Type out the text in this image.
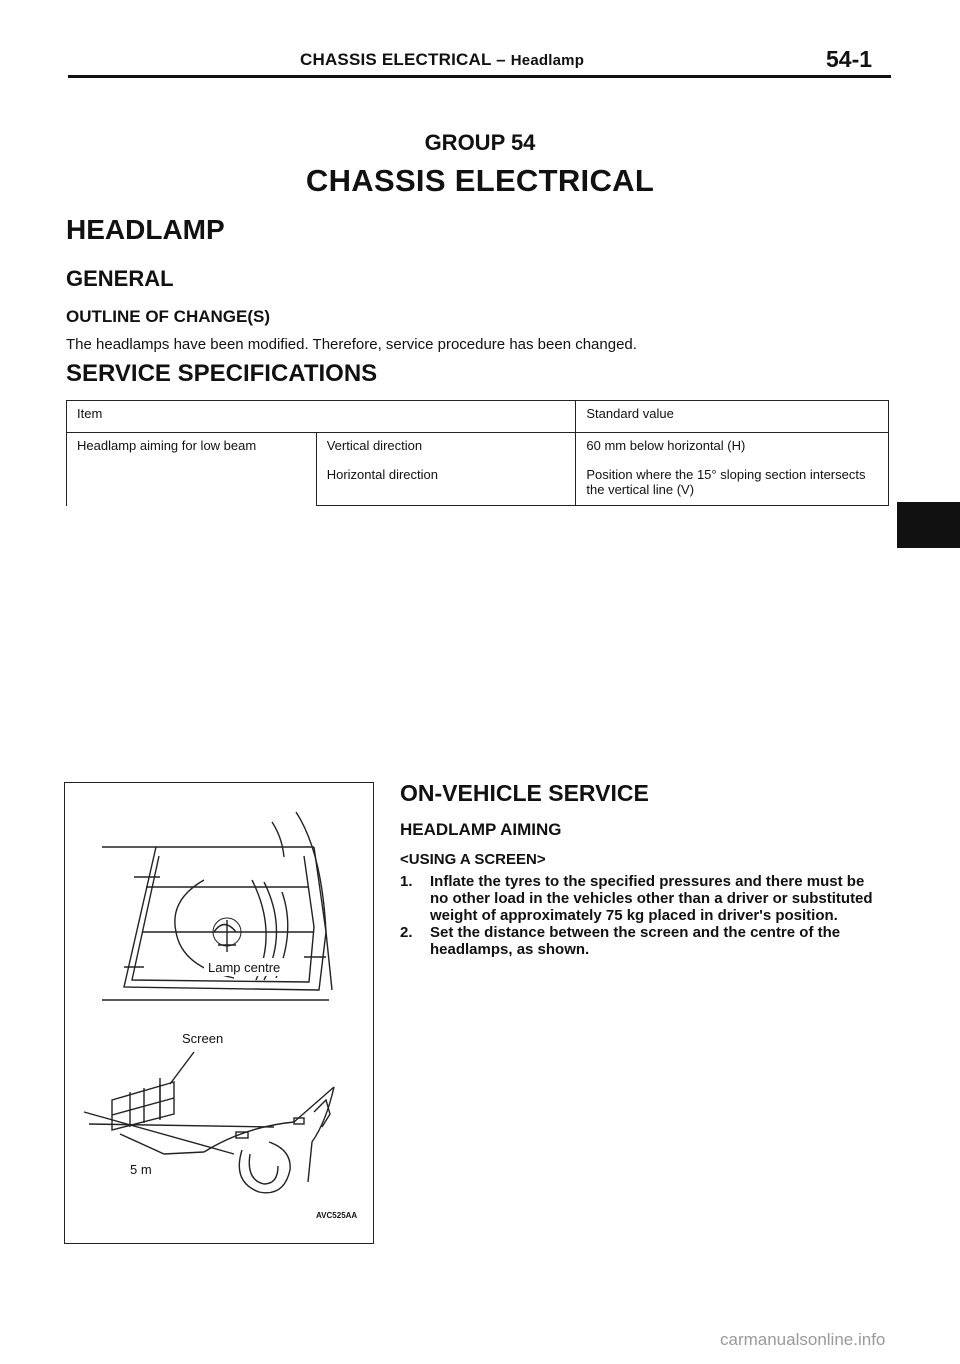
CHASSIS ELECTRICAL – Headlamp	54-1
GROUP 54
CHASSIS ELECTRICAL
HEADLAMP
GENERAL
OUTLINE OF CHANGE(S)
The headlamps have been modified. Therefore, service procedure has been changed.
SERVICE SPECIFICATIONS
Item		Standard value
Headlamp aiming for low beam	Vertical direction	60 mm below horizontal (H)
	Horizontal direction	Position where the 15° sloping section intersects the vertical line (V)
Lamp centre
Screen
5 m
AVC525AA
ON-VEHICLE SERVICE
HEADLAMP AIMING
<USING A SCREEN>
1. Inflate the tyres to the specified pressures and there must be no other load in the vehicles other than a driver or substituted weight of approximately 75 kg placed in driver's position.
2. Set the distance between the screen and the centre of the headlamps, as shown.
carmanualsonline.info
